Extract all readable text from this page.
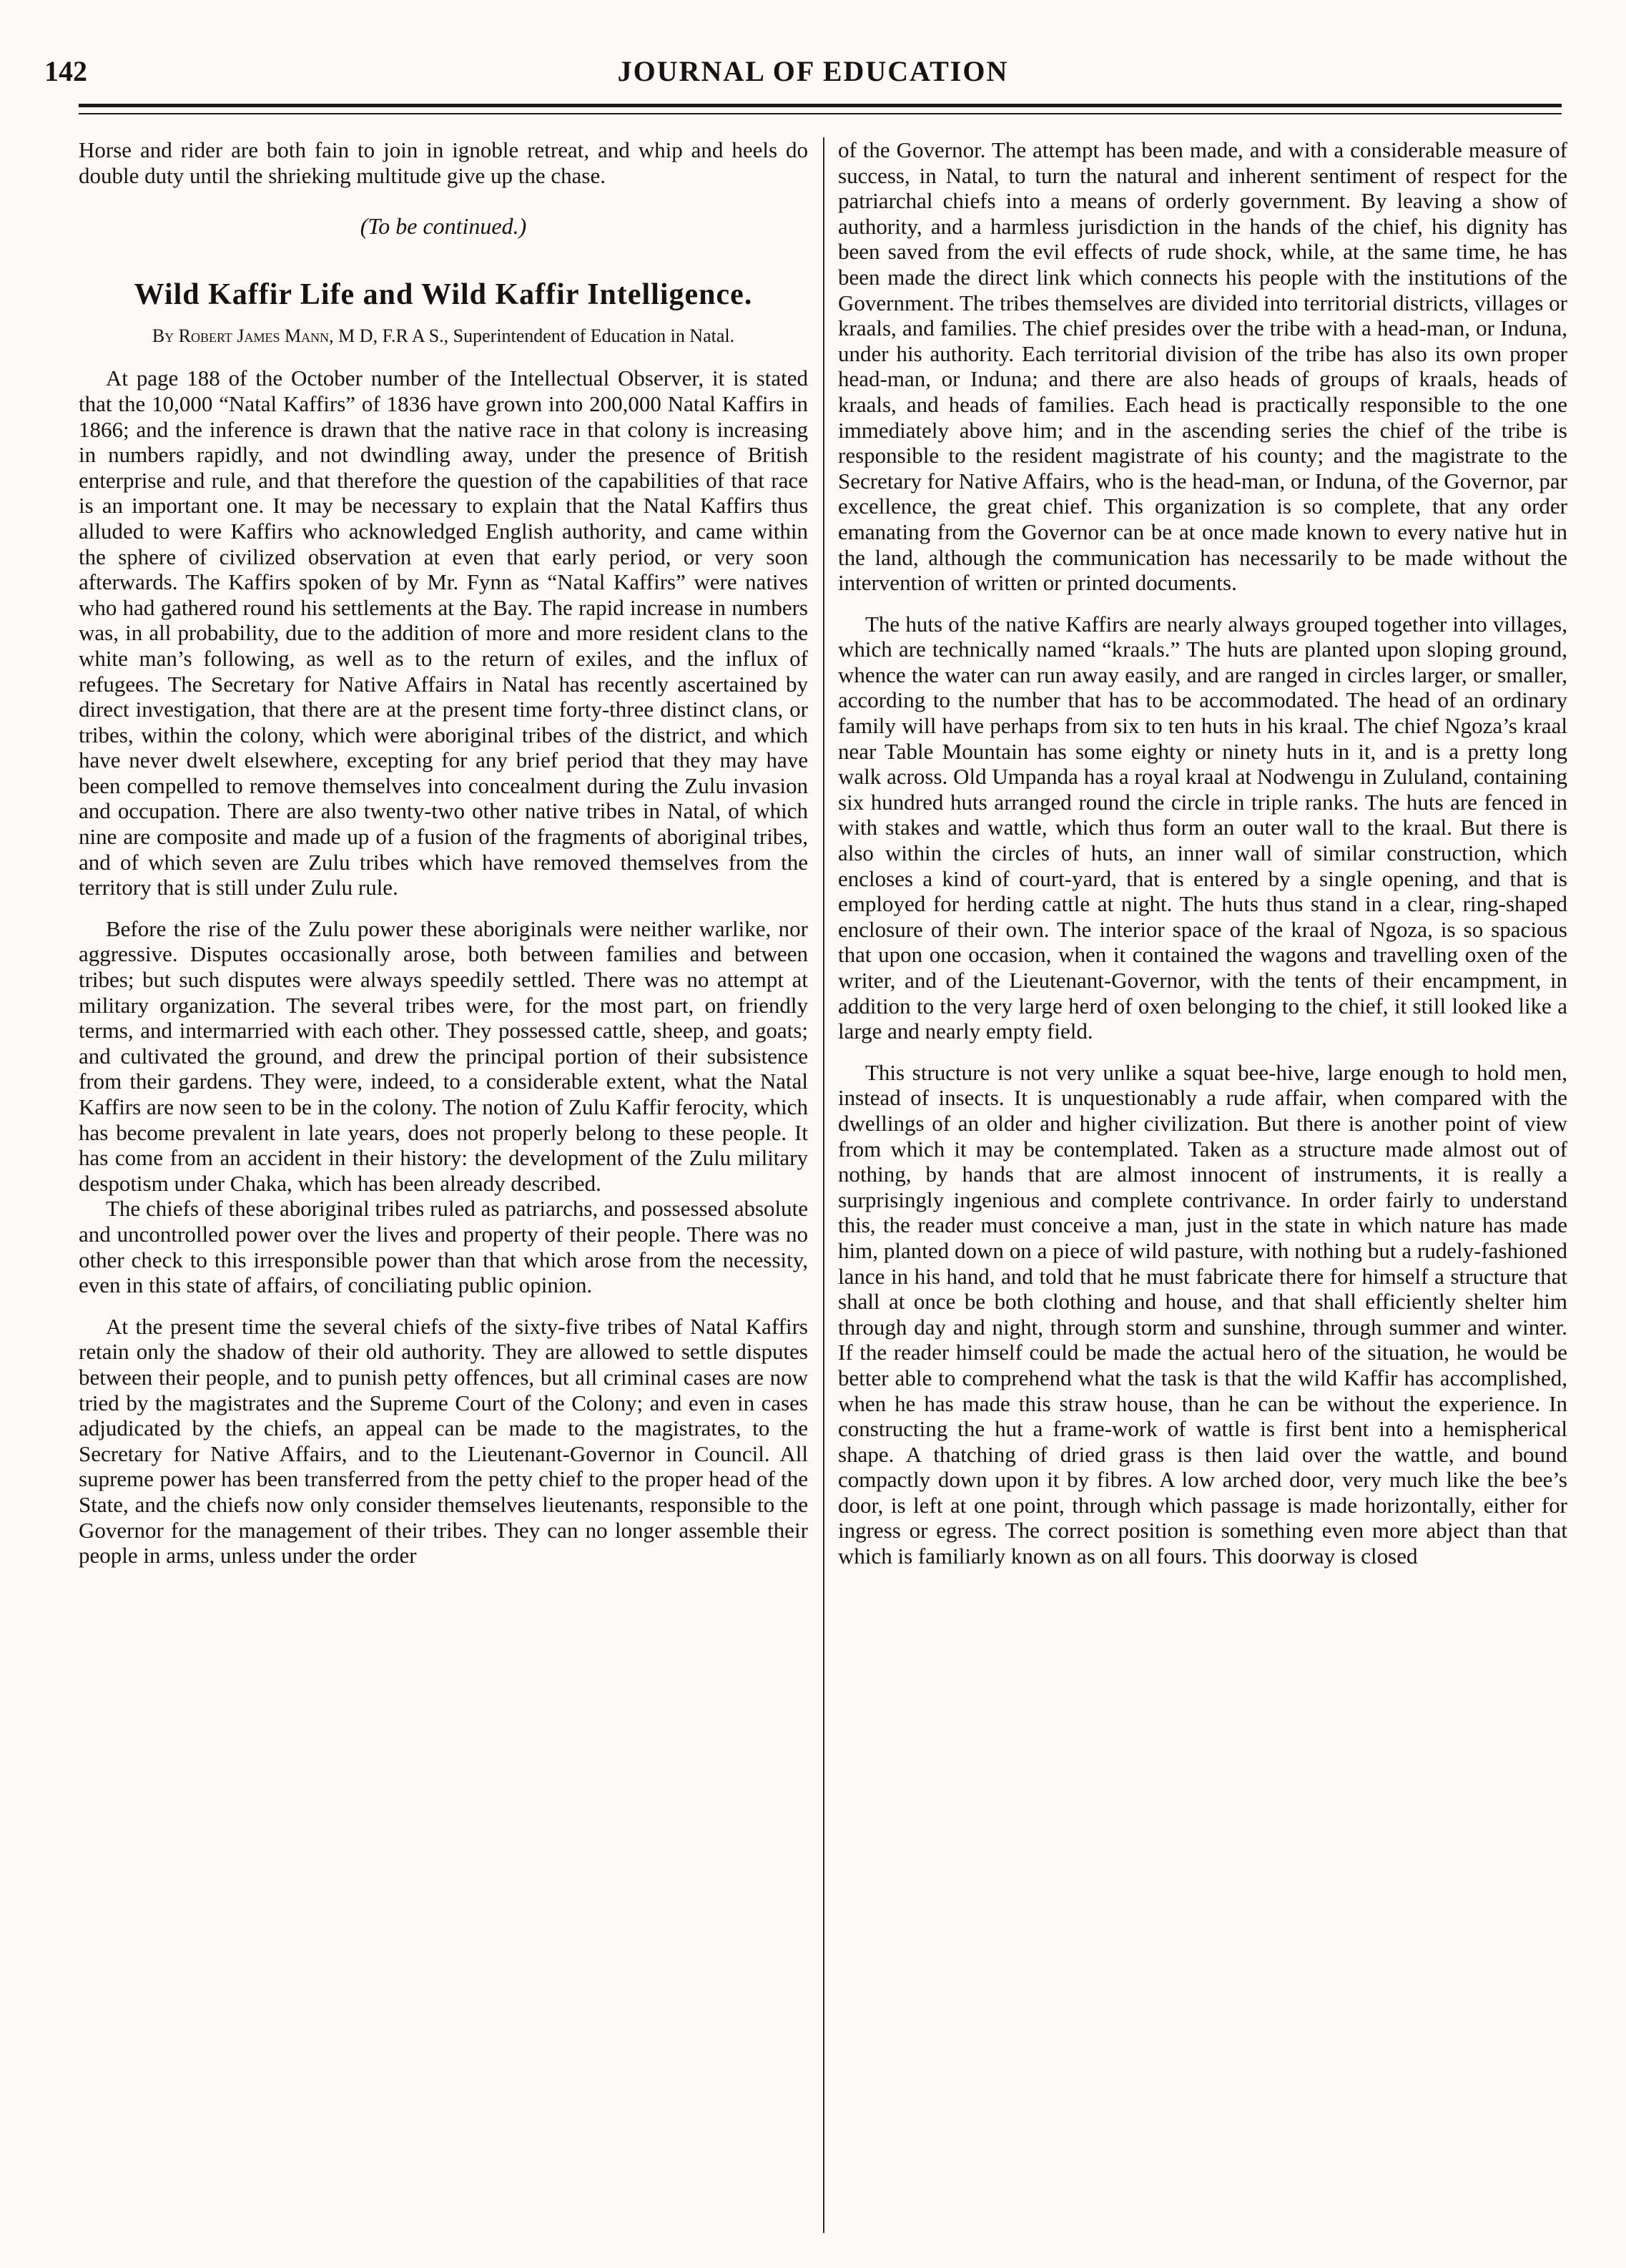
142	JOURNAL OF EDUCATION

Horse and rider are both fain to join in ignoble retreat, and whip and heels do double duty until the shrieking multitude give up the chase.

(To be continued.)

Wild Kaffir Life and Wild Kaffir Intelligence.

By Robert James Mann, M D, F.R A S., Superintendent of Education in Natal.

At page 188 of the October number of the Intellectual Observer, it is stated that the 10,000 “Natal Kaffirs” of 1836 have grown into 200,000 Natal Kaffirs in 1866; and the inference is drawn that the native race in that colony is increasing in numbers rapidly, and not dwindling away, under the presence of British enterprise and rule, and that therefore the question of the capabilities of that race is an important one. It may be necessary to explain that the Natal Kaffirs thus alluded to were Kaffirs who acknowledged English authority, and came within the sphere of civilized observation at even that early period, or very soon afterwards. The Kaffirs spoken of by Mr. Fynn as “Natal Kaffirs” were natives who had gathered round his settlements at the Bay. The rapid increase in numbers was, in all probability, due to the addition of more and more resident clans to the white man’s following, as well as to the return of exiles, and the influx of refugees. The Secretary for Native Affairs in Natal has recently ascertained by direct investigation, that there are at the present time forty-three distinct clans, or tribes, within the colony, which were aboriginal tribes of the district, and which have never dwelt elsewhere, excepting for any brief period that they may have been compelled to remove themselves into concealment during the Zulu invasion and occupation. There are also twenty-two other native tribes in Natal, of which nine are composite and made up of a fusion of the fragments of aboriginal tribes, and of which seven are Zulu tribes which have removed themselves from the territory that is still under Zulu rule.

Before the rise of the Zulu power these aboriginals were neither warlike, nor aggressive. Disputes occasionally arose, both between families and between tribes; but such disputes were always speedily settled. There was no attempt at military organization. The several tribes were, for the most part, on friendly terms, and intermarried with each other. They possessed cattle, sheep, and goats; and cultivated the ground, and drew the principal portion of their subsistence from their gardens. They were, indeed, to a considerable extent, what the Natal Kaffirs are now seen to be in the colony. The notion of Zulu Kaffir ferocity, which has become prevalent in late years, does not properly belong to these people. It has come from an accident in their history: the development of the Zulu military despotism under Chaka, which has been already described.

The chiefs of these aboriginal tribes ruled as patriarchs, and possessed absolute and uncontrolled power over the lives and property of their people. There was no other check to this irresponsible power than that which arose from the necessity, even in this state of affairs, of conciliating public opinion.

At the present time the several chiefs of the sixty-five tribes of Natal Kaffirs retain only the shadow of their old authority. They are allowed to settle disputes between their people, and to punish petty offences, but all criminal cases are now tried by the magistrates and the Supreme Court of the Colony; and even in cases adjudicated by the chiefs, an appeal can be made to the magistrates, to the Secretary for Native Affairs, and to the Lieutenant-Governor in Council. All supreme power has been transferred from the petty chief to the proper head of the State, and the chiefs now only consider themselves lieutenants, responsible to the Governor for the management of their tribes. They can no longer assemble their people in arms, unless under the order

of the Governor. The attempt has been made, and with a considerable measure of success, in Natal, to turn the natural and inherent sentiment of respect for the patriarchal chiefs into a means of orderly government. By leaving a show of authority, and a harmless jurisdiction in the hands of the chief, his dignity has been saved from the evil effects of rude shock, while, at the same time, he has been made the direct link which connects his people with the institutions of the Government. The tribes themselves are divided into territorial districts, villages or kraals, and families. The chief presides over the tribe with a head-man, or Induna, under his authority. Each territorial division of the tribe has also its own proper head-man, or Induna; and there are also heads of groups of kraals, heads of kraals, and heads of families. Each head is practically responsible to the one immediately above him; and in the ascending series the chief of the tribe is responsible to the resident magistrate of his county; and the magistrate to the Secretary for Native Affairs, who is the head-man, or Induna, of the Governor, par excellence, the great chief. This organization is so complete, that any order emanating from the Governor can be at once made known to every native hut in the land, although the communication has necessarily to be made without the intervention of written or printed documents.

The huts of the native Kaffirs are nearly always grouped together into villages, which are technically named “kraals.” The huts are planted upon sloping ground, whence the water can run away easily, and are ranged in circles larger, or smaller, according to the number that has to be accommodated. The head of an ordinary family will have perhaps from six to ten huts in his kraal. The chief Ngoza’s kraal near Table Mountain has some eighty or ninety huts in it, and is a pretty long walk across. Old Umpanda has a royal kraal at Nodwengu in Zululand, containing six hundred huts arranged round the circle in triple ranks. The huts are fenced in with stakes and wattle, which thus form an outer wall to the kraal. But there is also within the circles of huts, an inner wall of similar construction, which encloses a kind of court-yard, that is entered by a single opening, and that is employed for herding cattle at night. The huts thus stand in a clear, ring-shaped enclosure of their own. The interior space of the kraal of Ngoza, is so spacious that upon one occasion, when it contained the wagons and travelling oxen of the writer, and of the Lieutenant-Governor, with the tents of their encampment, in addition to the very large herd of oxen belonging to the chief, it still looked like a large and nearly empty field.

This structure is not very unlike a squat bee-hive, large enough to hold men, instead of insects. It is unquestionably a rude affair, when compared with the dwellings of an older and higher civilization. But there is another point of view from which it may be contemplated. Taken as a structure made almost out of nothing, by hands that are almost innocent of instruments, it is really a surprisingly ingenious and complete contrivance. In order fairly to understand this, the reader must conceive a man, just in the state in which nature has made him, planted down on a piece of wild pasture, with nothing but a rudely-fashioned lance in his hand, and told that he must fabricate there for himself a structure that shall at once be both clothing and house, and that shall efficiently shelter him through day and night, through storm and sunshine, through summer and winter. If the reader himself could be made the actual hero of the situation, he would be better able to comprehend what the task is that the wild Kaffir has accomplished, when he has made this straw house, than he can be without the experience. In constructing the hut a frame-work of wattle is first bent into a hemispherical shape. A thatching of dried grass is then laid over the wattle, and bound compactly down upon it by fibres. A low arched door, very much like the bee’s door, is left at one point, through which passage is made horizontally, either for ingress or egress. The correct position is something even more abject than that which is familiarly known as on all fours. This doorway is closed
